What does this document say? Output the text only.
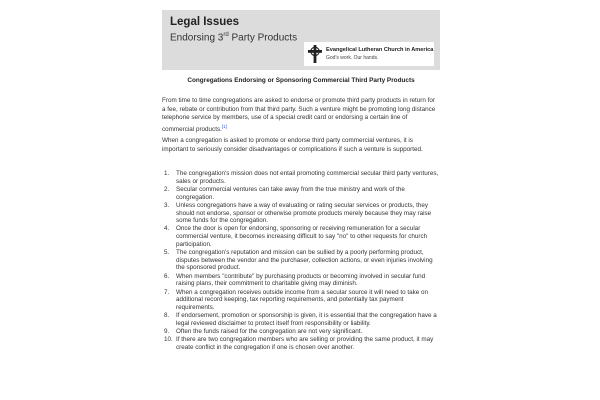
Legal Issues
Endorsing 3rd Party Products
Evangelical Lutheran Church in America
God's work. Our hands.
Congregations Endorsing or Sponsoring Commercial Third Party Products

From time to time congregations are asked to endorse or promote third party products in return for a fee, rebate or contribution from that third party. Such a venture might be promoting long distance telephone service by members, use of a special credit card or endorsing a certain line of commercial products.[1]

When a congregation is asked to promote or endorse third party commercial ventures, it is important to seriously consider disadvantages or complications if such a venture is supported.

1. The congregation's mission does not entail promoting commercial secular third party ventures, sales or products.
2. Secular commercial ventures can take away from the true ministry and work of the congregation.
3. Unless congregations have a way of evaluating or rating secular services or products, they should not endorse, sponsor or otherwise promote products merely because they may raise some funds for the congregation.
4. Once the door is open for endorsing, sponsoring or receiving remuneration for a secular commercial venture, it becomes increasing difficult to say "no" to other requests for church participation.
5. The congregation's reputation and mission can be sullied by a poorly performing product, disputes between the vendor and the purchaser, collection actions, or even injuries involving the sponsored product.
6. When members "contribute" by purchasing products or becoming involved in secular fund raising plans, their commitment to charitable giving may diminish.
7. When a congregation receives outside income from a secular source it will need to take on additional record keeping, tax reporting requirements, and potentially tax payment requirements.
8. If endorsement, promotion or sponsorship is given, it is essential that the congregation have a legal reviewed disclaimer to protect itself from responsibility or liability.
9. Often the funds raised for the congregation are not very significant.
10. If there are two congregation members who are selling or providing the same product, it may create conflict in the congregation if one is chosen over another.
